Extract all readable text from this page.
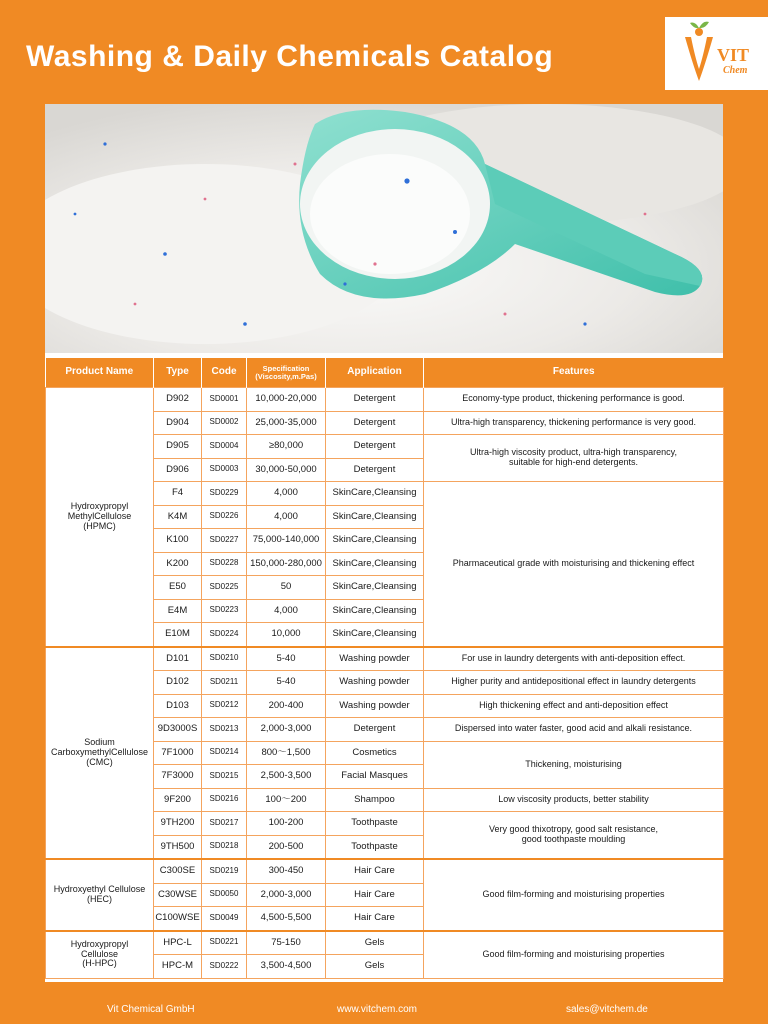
Washing & Daily Chemicals Catalog	VIT
Chem
Product Name	Type	Code	Specification
(Viscosity,m.Pas)	Application	Features
Hydroxypropyl
MethylCellulose
(HPMC)	D902	SD0001	10,000-20,000	Detergent	Economy-type product, thickening performance is good.
	D904	SD0002	25,000-35,000	Detergent	Ultra-high transparency, thickening performance is very good.
	D905	SD0004	≥80,000	Detergent	Ultra-high viscosity product, ultra-high transparency,
suitable for high-end detergents.
	D906	SD0003	30,000-50,000	Detergent	
	F4	SD0229	4,000	SkinCare,Cleansing	Pharmaceutical grade with moisturising and thickening effect
	K4M	SD0226	4,000	SkinCare,Cleansing	
	K100	SD0227	75,000-140,000	SkinCare,Cleansing	
	K200	SD0228	150,000-280,000	SkinCare,Cleansing	
	E50	SD0225	50	SkinCare,Cleansing	
	E4M	SD0223	4,000	SkinCare,Cleansing	
	E10M	SD0224	10,000	SkinCare,Cleansing	
Sodium
CarboxymethylCellulose
(CMC)	D101	SD0210	5-40	Washing powder	For use in laundry detergents with anti-deposition effect.
	D102	SD0211	5-40	Washing powder	Higher purity and antidepositional effect in laundry detergents
	D103	SD0212	200-400	Washing powder	High thickening effect and anti-deposition effect
	9D3000S	SD0213	2,000-3,000	Detergent	Dispersed into water faster, good acid and alkali resistance.
	7F1000	SD0214	800～1,500	Cosmetics	Thickening, moisturising
	7F3000	SD0215	2,500-3,500	Facial Masques	
	9F200	SD0216	100～200	Shampoo	Low viscosity products, better stability
	9TH200	SD0217	100-200	Toothpaste	Very good thixotropy, good salt resistance,
good toothpaste moulding
	9TH500	SD0218	200-500	Toothpaste	
Hydroxyethyl Cellulose
(HEC)	C300SE	SD0219	300-450	Hair Care	Good film-forming and moisturising properties
	C30WSE	SD0050	2,000-3,000	Hair Care	
	C100WSE	SD0049	4,500-5,500	Hair Care	
Hydroxypropyl
Cellulose
(H-HPC)	HPC-L	SD0221	75-150	Gels	Good film-forming and moisturising properties
	HPC-M	SD0222	3,500-4,500	Gels	
Vit Chemical GmbH	www.vitchem.com	sales@vitchem.de
